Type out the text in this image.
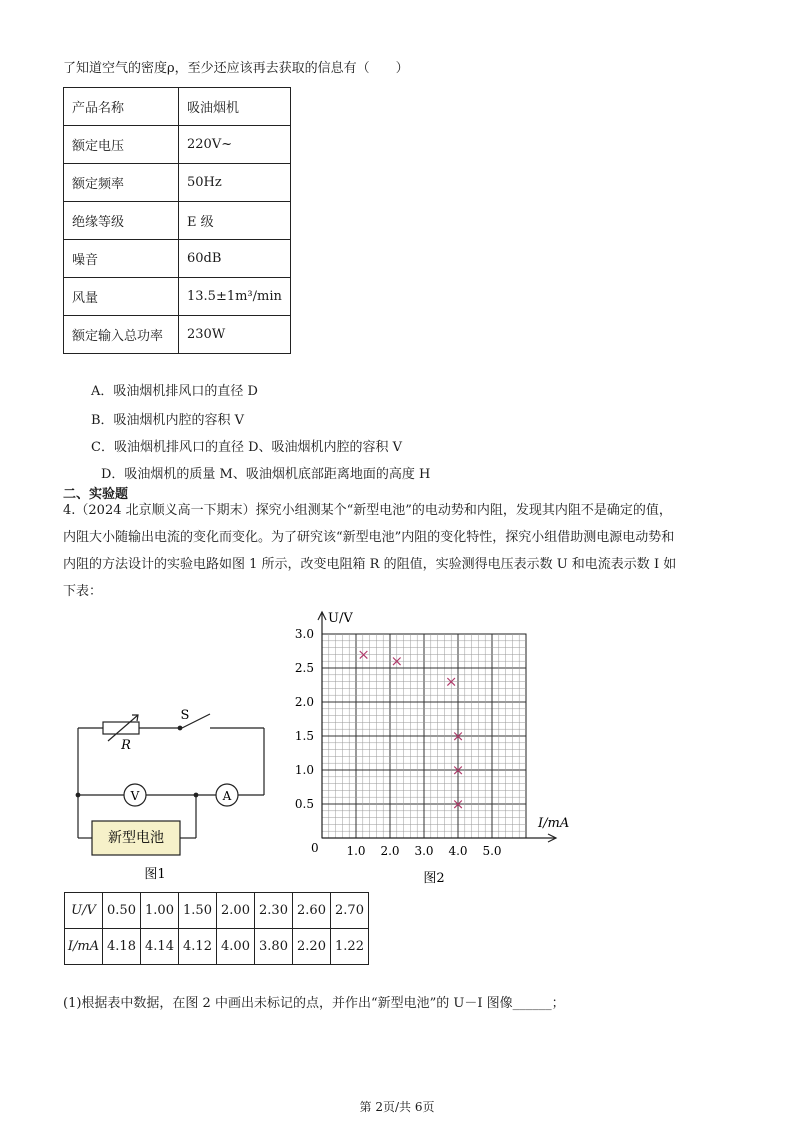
了知道空气的密度ρ，至少还应该再去获取的信息有（　　）
产品名称	吸油烟机
额定电压	220V~
额定频率	50Hz
绝缘等级	E 级
噪音	60dB
风量	13.5±1m³/min
额定输入总功率	230W
A．吸油烟机排风口的直径 D
B．吸油烟机内腔的容积 V
C．吸油烟机排风口的直径 D、吸油烟机内腔的容积 V
D．吸油烟机的质量 M、吸油烟机底部距离地面的高度 H
二、实验题
4.（2024 北京顺义高一下期末）探究小组测某个“新型电池”的电动势和内阻，发现其内阻不是确定的值，
内阻大小随输出电流的变化而变化。为了研究该“新型电池”内阻的变化特性，探究小组借助测电源电动势和
内阻的方法设计的实验电路如图 1 所示，改变电阻箱 R 的阻值，实验测得电压表示数 U 和电流表示数 I 如
下表：
新型电池
V	A
S
R
图1
1.0 2.0 3.0 4.0 5.0
0.5
1.0
1.5
2.0
2.5
3.0
× ×
×
×
×
×
U/V
I/mA
0
图2
U/V	0.50	1.00	1.50	2.00	2.30	2.60	2.70
I/mA	4.18	4.14	4.12	4.00	3.80	2.20	1.22
(1)根据表中数据，在图 2 中画出未标记的点，并作出“新型电池”的 U－I 图像______；
第 2页/共 6页
